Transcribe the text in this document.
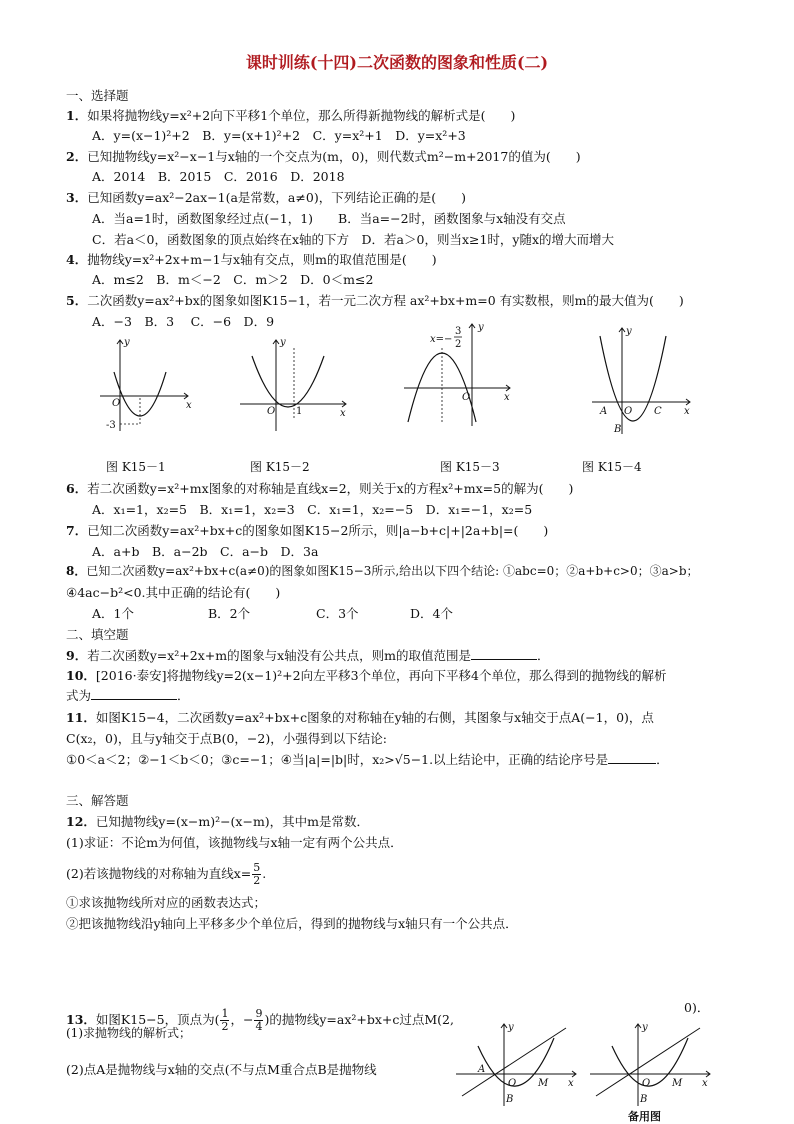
课时训练(十四)二次函数的图象和性质(二)
一、选择题
1．如果将抛物线y=x²+2向下平移1个单位，那么所得新抛物线的解析式是(　　)
A．y=(x−1)²+2　B．y=(x+1)²+2　C．y=x²+1　D．y=x²+3
2．已知抛物线y=x²−x−1与x轴的一个交点为(m，0)，则代数式m²−m+2017的值为(　　)
A．2014　B．2015　C．2016　D．2018
3．已知函数y=ax²−2ax−1(a是常数，a≠0)，下列结论正确的是(　　)
A．当a=1时，函数图象经过点(−1，1)　　B．当a=−2时，函数图象与x轴没有交点
C．若a＜0，函数图象的顶点始终在x轴的下方　D．若a＞0，则当x≥1时，y随x的增大而增大
4．抛物线y=x²+2x+m−1与x轴有交点，则m的取值范围是(　　)
A．m≤2　B．m＜−2　C．m＞2　D．0＜m≤2
5．二次函数y=ax²+bx的图象如图K15−1，若一元二次方程 ax²+bx+m=0 有实数根，则m的最大值为(　　)
A．−3　B．3　 C．−6　D．9
y
x
O
-3
y
x
O 1
y
x
O
x=−
3
2
y
x
O
A	C
B
图 K15－1	图 K15－2	图 K15－3	图 K15－4
6．若二次函数y=x²+mx图象的对称轴是直线x=2，则关于x的方程x²+mx=5的解为(　　)
A．x₁=1，x₂=5　B．x₁=1，x₂=3　C．x₁=1，x₂=−5　D．x₁=−1，x₂=5
7．已知二次函数y=ax²+bx+c的图象如图K15−2所示，则|a−b+c|+|2a+b|=(　　)
A．a+b　B．a−2b　C．a−b　D．3a
8．已知二次函数y=ax²+bx+c(a≠0)的图象如图K15−3所示,给出以下四个结论: ①abc=0；②a+b+c>0；③a>b；
④4ac−b²<0.其中正确的结论有(　　)
A．1个	B．2个	C．3个	D．4个
二、填空题
9．若二次函数y=x²+2x+m的图象与x轴没有公共点，则m的取值范围是	．
10．[2016·泰安]将抛物线y=2(x−1)²+2向左平移3个单位，再向下平移4个单位，那么得到的抛物线的解析
式为	．
11．如图K15−4，二次函数y=ax²+bx+c图象的对称轴在y轴的右侧，其图象与x轴交于点A(−1，0)，点
C(x₂，0)，且与y轴交于点B(0，−2)，小强得到以下结论:
①0＜a＜2；②−1＜b＜0；③c=−1；④当|a|=|b|时，x₂>√5−1.以上结论中，正确的结论序号是	．
三、解答题
12．已知抛物线y=(x−m)²−(x−m)，其中m是常数．
(1)求证：不论m为何值，该抛物线与x轴一定有两个公共点．
(2)若该抛物线的对称轴为直线$x= \frac{5}{2}$ .
①求该抛物线所对应的函数表达式；
②把该抛物线沿y轴向上平移多少个单位后，得到的抛物线与x轴只有一个公共点．
13．如图K15−5，顶点为( $\frac{1}{2}$ ，− $\frac{9}{4}$ )的抛物线y=ax²+bx+c过点M(2,
0)．
(1)求抛物线的解析式；
(2)点A是抛物线与x轴的交点(不与点M重合点B是抛物线
y
x
A
O M
B
y
x
O M
B
备用图
